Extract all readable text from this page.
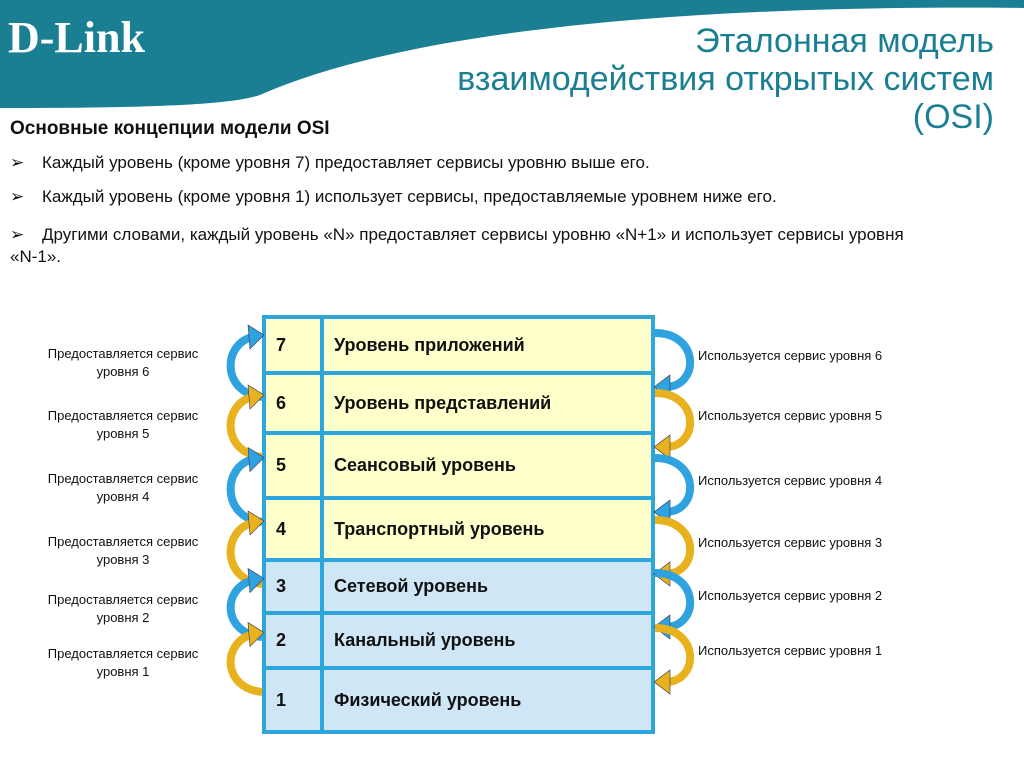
D-Link	Эталонная модель
взаимодействия открытых систем
(OSI)
Основные концепции модели OSI
➢ Каждый уровень (кроме уровня 7) предоставляет сервисы уровню выше его.
➢ Каждый уровень (кроме уровня 1) использует сервисы, предоставляемые уровнем ниже его.
➢	Другими словами, каждый уровень «N» предоставляет сервисы уровню «N+1» и использует сервисы уровня «N-1».
7	Уровень приложений
6	Уровень представлений
5	Сеансовый уровень
4	Транспортный уровень
3	Сетевой уровень
2	Канальный уровень
1	Физический уровень
Предоставляется сервис
уровня 6
Используется сервис уровня 6
Предоставляется сервис
уровня 5
Используется сервис уровня 5
Предоставляется сервис
уровня 4
Используется сервис уровня 4
Предоставляется сервис
уровня 3
Используется сервис уровня 3
Предоставляется сервис
уровня 2
Используется сервис уровня 2
Предоставляется сервис
уровня 1
Используется сервис уровня 1
